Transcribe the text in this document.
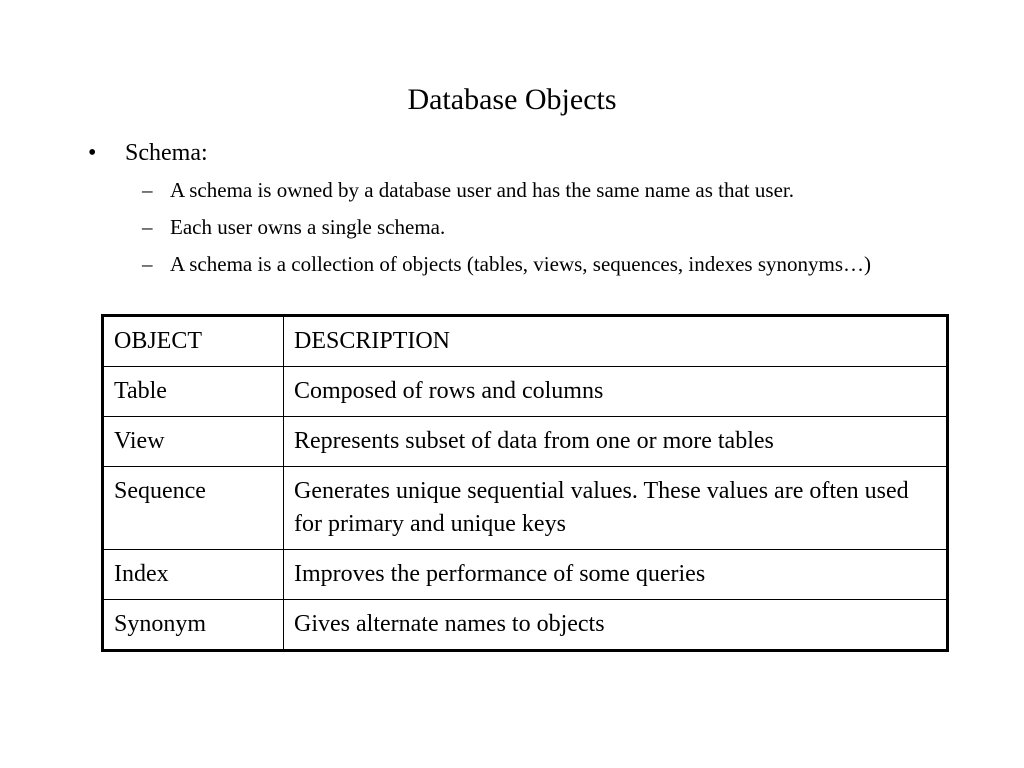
Database Objects
• Schema:
– A schema is owned by a database user and has the same name as that user.
– Each user owns a single schema.
– A schema is a collection of objects (tables, views, sequences, indexes synonyms…)
OBJECT	DESCRIPTION
Table	Composed of rows and columns
View	Represents subset of data from one or more tables
Sequence	Generates unique sequential values. These values are often used for primary and unique keys
Index	Improves the performance of some queries
Synonym	Gives alternate names to objects
